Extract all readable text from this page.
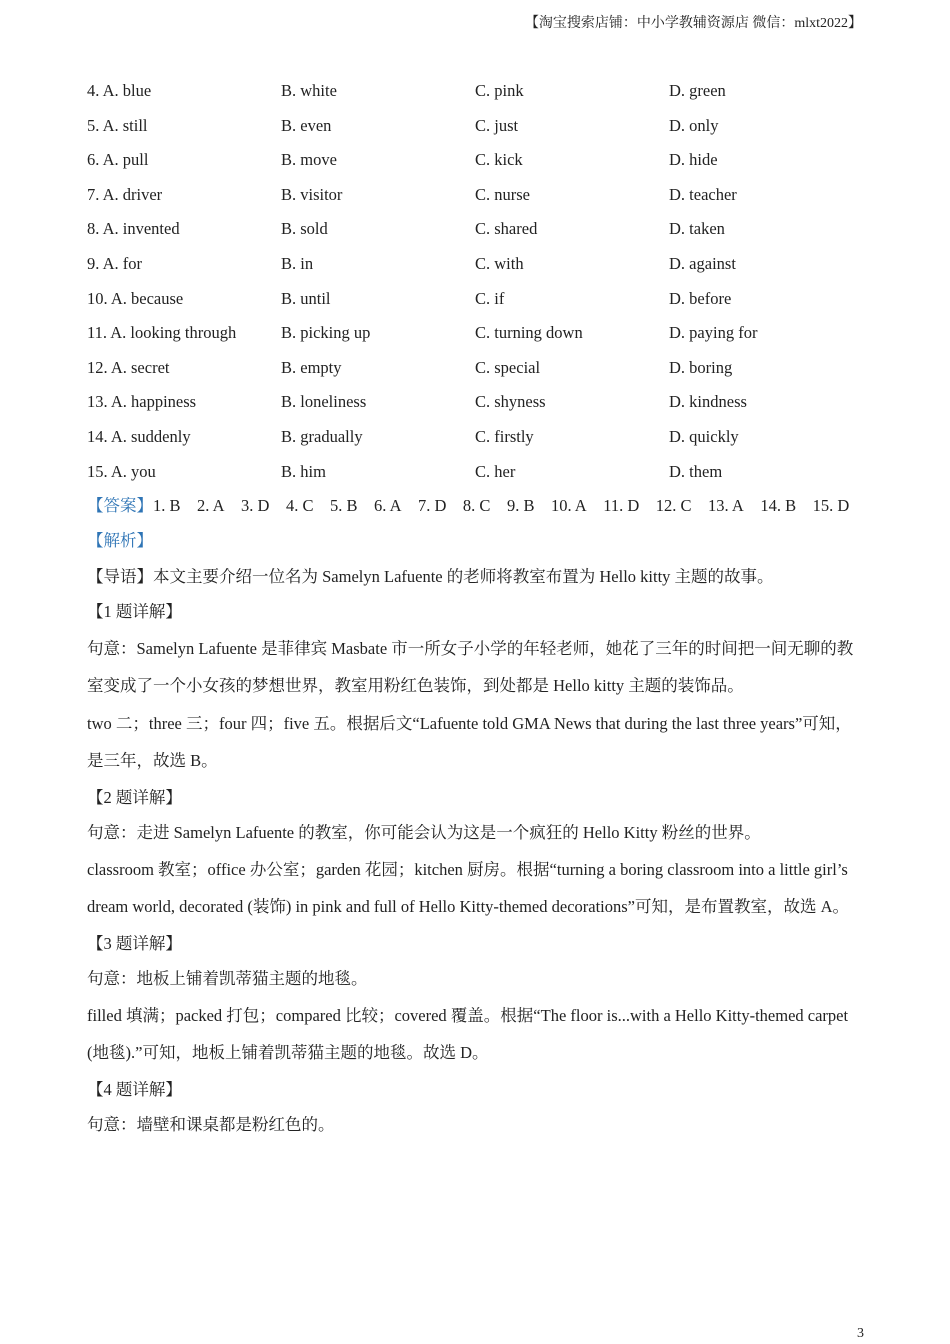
【淘宝搜索店铺：中小学教辅资源店 微信：mlxt2022】
4. A. blue	B. white	C. pink	D. green
5. A. still	B. even	C. just	D. only
6. A. pull	B. move	C. kick	D. hide
7. A. driver	B. visitor	C. nurse	D. teacher
8. A. invented	B. sold	C. shared	D. taken
9. A. for	B. in	C. with	D. against
10. A. because	B. until	C. if	D. before
11. A. looking through	B. picking up	C. turning down	D. paying for
12. A. secret	B. empty	C. special	D. boring
13. A. happiness	B. loneliness	C. shyness	D. kindness
14. A. suddenly	B. gradually	C. firstly	D. quickly
15. A. you	B. him	C. her	D. them
【答案】1. B 2. A 3. D 4. C 5. B 6. A 7. D 8. C 9. B 10. A 11. D 12. C 13. A 14. B 15. D

【解析】

【导语】本文主要介绍一位名为 Samelyn Lafuente 的老师将教室布置为 Hello kitty 主题的故事。

【1 题详解】

句意：Samelyn Lafuente 是菲律宾 Masbate 市一所女子小学的年轻老师，她花了三年的时间把一间无聊的教室变成了一个小女孩的梦想世界，教室用粉红色装饰，到处都是 Hello kitty 主题的装饰品。

two 二；three 三；four 四；five 五。根据后文“Lafuente told GMA News that during the last three years”可知，是三年，故选 B。

【2 题详解】

句意：走进 Samelyn Lafuente 的教室，你可能会认为这是一个疯狂的 Hello Kitty 粉丝的世界。

classroom 教室；office 办公室；garden 花园；kitchen 厨房。根据“turning a boring classroom into a little girl’s dream world, decorated (装饰) in pink and full of Hello Kitty-themed decorations”可知，是布置教室，故选 A。

【3 题详解】

句意：地板上铺着凯蒂猫主题的地毯。

filled 填满；packed 打包；compared 比较；covered 覆盖。根据“The floor is...with a Hello Kitty-themed carpet (地毯).”可知，地板上铺着凯蒂猫主题的地毯。故选 D。

【4 题详解】

句意：墙壁和课桌都是粉红色的。

3
